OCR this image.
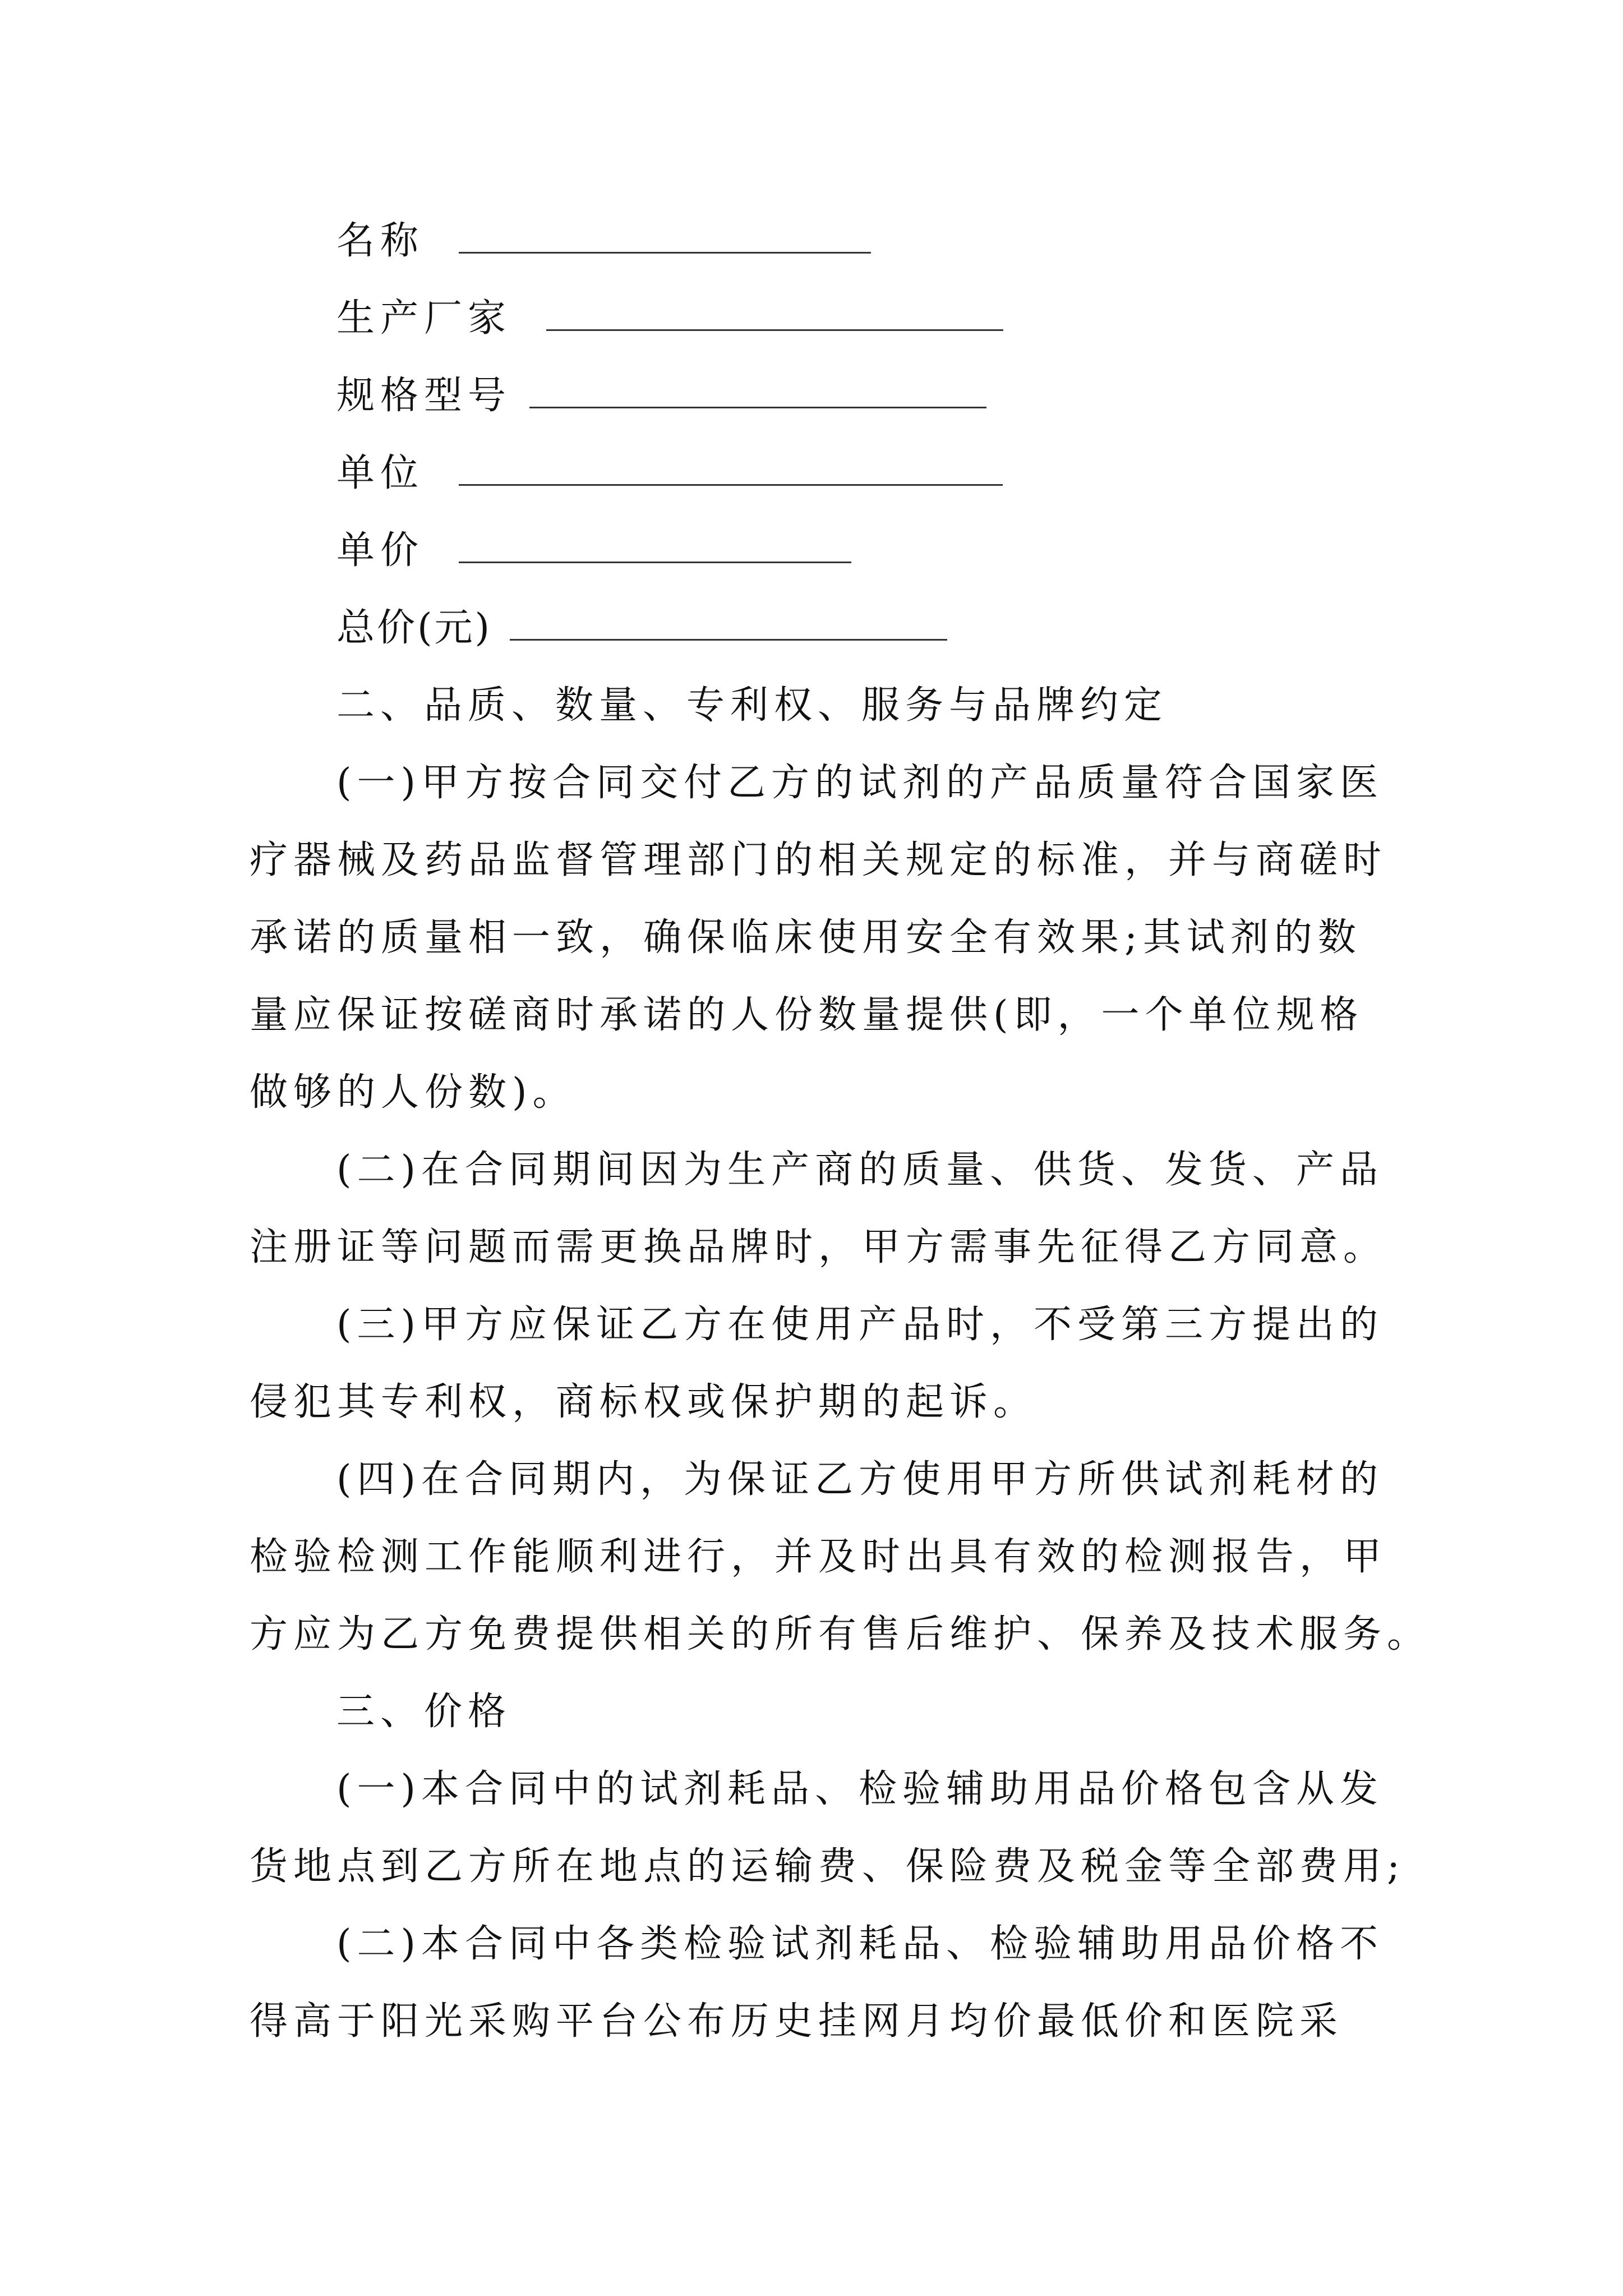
名称
生产厂家
规格型号
单位
单价
总价(元)
二、品质、数量、专利权、服务与品牌约定
(一)甲方按合同交付乙方的试剂的产品质量符合国家医
疗器械及药品监督管理部门的相关规定的标准，并与商磋时
承诺的质量相一致，确保临床使用安全有效果;其试剂的数
量应保证按磋商时承诺的人份数量提供(即，一个单位规格
做够的人份数)。
(二)在合同期间因为生产商的质量、供货、发货、产品
注册证等问题而需更换品牌时，甲方需事先征得乙方同意。
(三)甲方应保证乙方在使用产品时，不受第三方提出的
侵犯其专利权，商标权或保护期的起诉。
(四)在合同期内，为保证乙方使用甲方所供试剂耗材的
检验检测工作能顺利进行，并及时出具有效的检测报告，甲
方应为乙方免费提供相关的所有售后维护、保养及技术服务。
三、价格
(一)本合同中的试剂耗品、检验辅助用品价格包含从发
货地点到乙方所在地点的运输费、保险费及税金等全部费用;
(二)本合同中各类检验试剂耗品、检验辅助用品价格不
得高于阳光采购平台公布历史挂网月均价最低价和医院采
